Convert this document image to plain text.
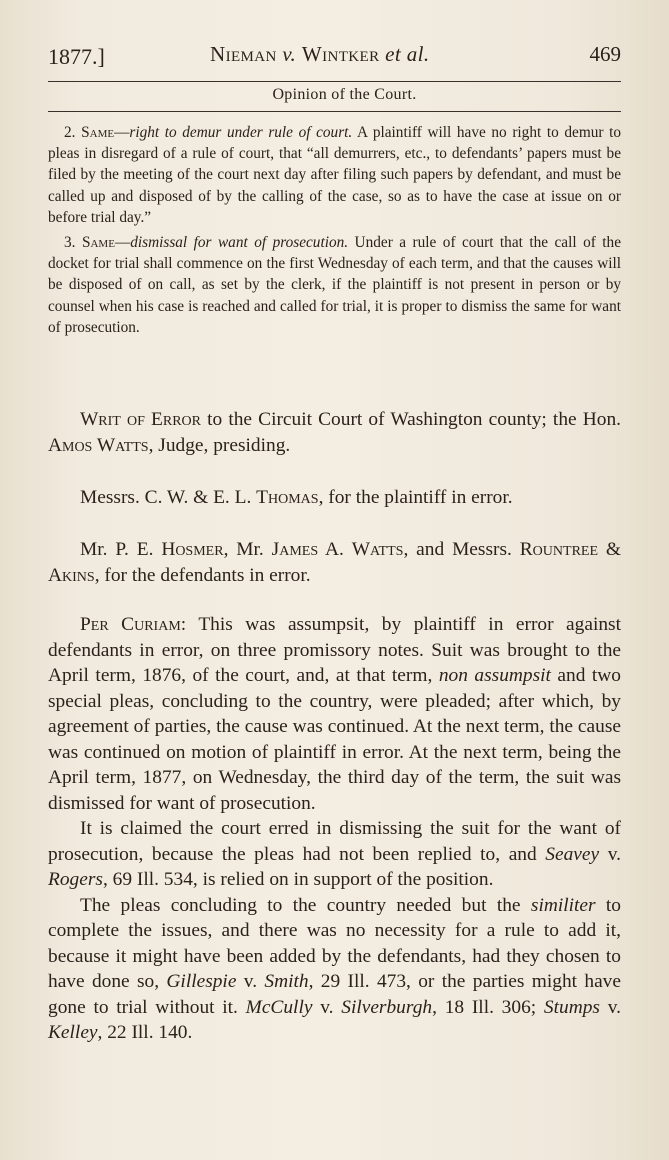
1877.]	Nieman v. Wintker et al.	469
Opinion of the Court.

2. Same—right to demur under rule of court. A plaintiff will have no right to demur to pleas in disregard of a rule of court, that “all demurrers, etc., to defendants’ papers must be filed by the meeting of the court next day after filing such papers by defendant, and must be called up and disposed of by the calling of the case, so as to have the case at issue on or before trial day.”

3. Same—dismissal for want of prosecution. Under a rule of court that the call of the docket for trial shall commence on the first Wednesday of each term, and that the causes will be disposed of on call, as set by the clerk, if the plaintiff is not present in person or by counsel when his case is reached and called for trial, it is proper to dismiss the same for want of prosecution.

Writ of Error to the Circuit Court of Washington county; the Hon. Amos Watts, Judge, presiding.

Messrs. C. W. & E. L. Thomas, for the plaintiff in error.

Mr. P. E. Hosmer, Mr. James A. Watts, and Messrs. Rountree & Akins, for the defendants in error.

Per Curiam: This was assumpsit, by plaintiff in error against defendants in error, on three promissory notes. Suit was brought to the April term, 1876, of the court, and, at that term, non assumpsit and two special pleas, concluding to the country, were pleaded; after which, by agreement of parties, the cause was continued. At the next term, the cause was continued on motion of plaintiff in error. At the next term, being the April term, 1877, on Wednesday, the third day of the term, the suit was dismissed for want of prosecution.

It is claimed the court erred in dismissing the suit for the want of prosecution, because the pleas had not been replied to, and Seavey v. Rogers, 69 Ill. 534, is relied on in support of the position.

The pleas concluding to the country needed but the similiter to complete the issues, and there was no necessity for a rule to add it, because it might have been added by the defendants, had they chosen to have done so, Gillespie v. Smith, 29 Ill. 473, or the parties might have gone to trial without it. McCully v. Silverburgh, 18 Ill. 306; Stumps v. Kelley, 22 Ill. 140.
